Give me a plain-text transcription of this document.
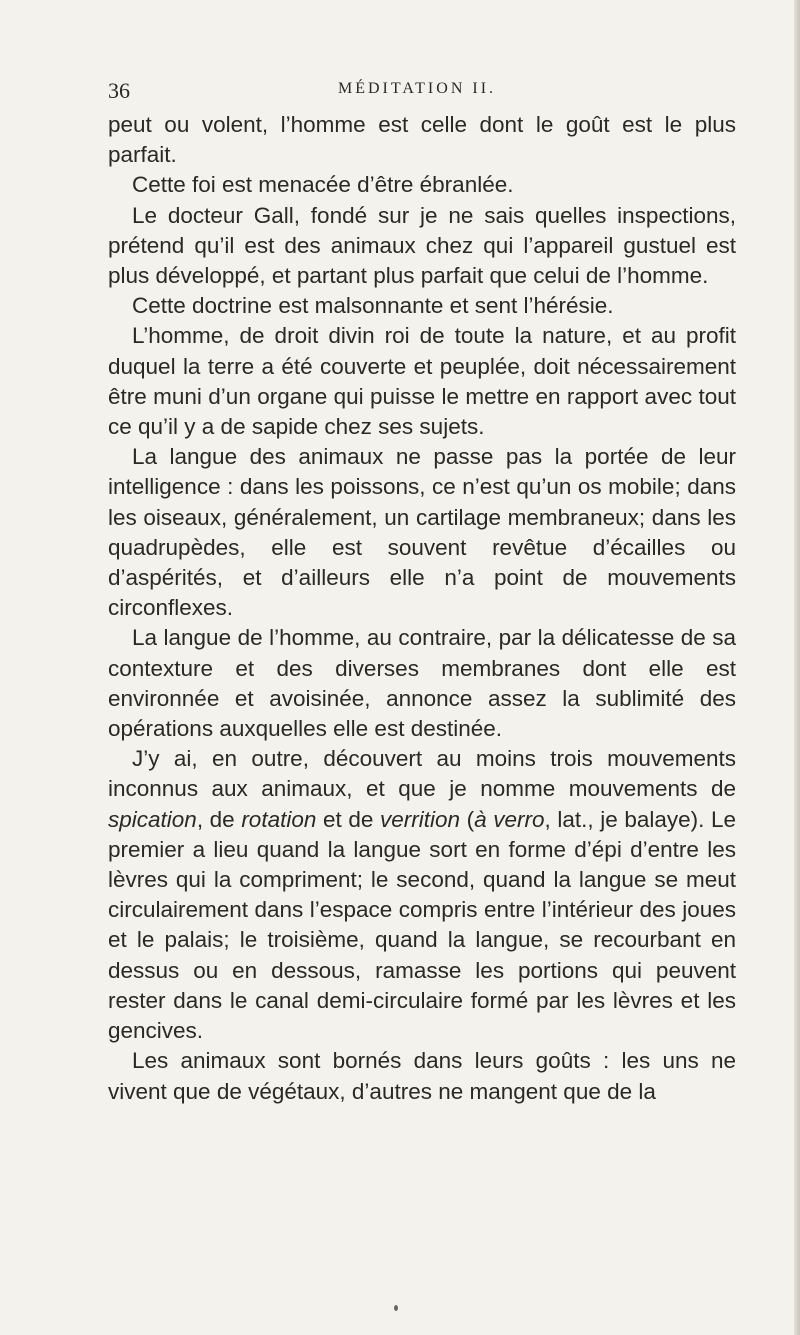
36	MÉDITATION II.

peut ou volent, l’homme est celle dont le goût est le plus parfait.

Cette foi est menacée d’être ébranlée.

Le docteur Gall, fondé sur je ne sais quelles inspections, prétend qu’il est des animaux chez qui l’appareil gustuel est plus développé, et partant plus parfait que celui de l’homme.

Cette doctrine est malsonnante et sent l’hérésie.

L’homme, de droit divin roi de toute la nature, et au profit duquel la terre a été couverte et peuplée, doit nécessairement être muni d’un organe qui puisse le mettre en rapport avec tout ce qu’il y a de sapide chez ses sujets.

La langue des animaux ne passe pas la portée de leur intelligence : dans les poissons, ce n’est qu’un os mobile; dans les oiseaux, généralement, un cartilage membraneux; dans les quadrupèdes, elle est souvent revêtue d’écailles ou d’aspérités, et d’ailleurs elle n’a point de mouvements circonflexes.

La langue de l’homme, au contraire, par la délicatesse de sa contexture et des diverses membranes dont elle est environnée et avoisinée, annonce assez la sublimité des opérations auxquelles elle est destinée.

J’y ai, en outre, découvert au moins trois mouvements inconnus aux animaux, et que je nomme mouvements de spication, de rotation et de verrition (à verro, lat., je balaye). Le premier a lieu quand la langue sort en forme d’épi d’entre les lèvres qui la compriment; le second, quand la langue se meut circulairement dans l’espace compris entre l’intérieur des joues et le palais; le troisième, quand la langue, se recourbant en dessus ou en dessous, ramasse les portions qui peuvent rester dans le canal demi-circulaire formé par les lèvres et les gencives.

Les animaux sont bornés dans leurs goûts : les uns ne vivent que de végétaux, d’autres ne mangent que de la
